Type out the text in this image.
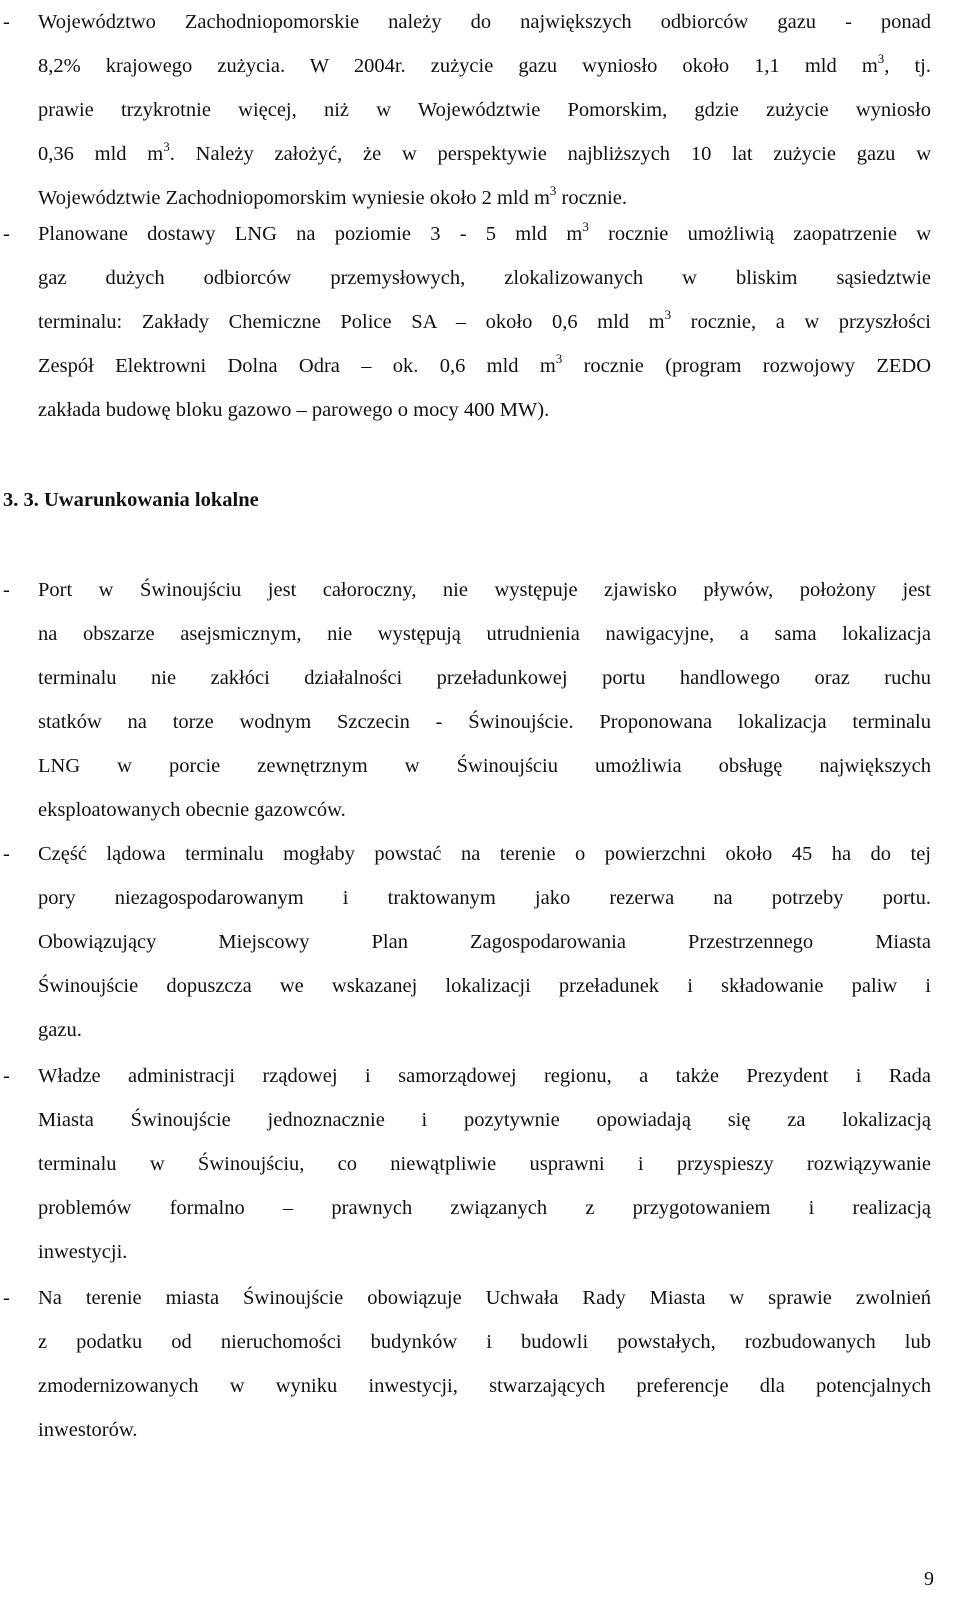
- Województwo Zachodniopomorskie należy do największych odbiorców gazu - ponad
8,2% krajowego zużycia. W 2004r. zużycie gazu wyniosło około 1,1 mld $m^3$, tj.
prawie trzykrotnie więcej, niż w Województwie Pomorskim, gdzie zużycie wyniosło
0,36 mld $m^3$. Należy założyć, że w perspektywie najbliższych 10 lat zużycie gazu w
Województwie Zachodniopomorskim wyniesie około 2 mld $m^3$ rocznie.
- Planowane dostawy LNG na poziomie 3 - 5 mld $m^3$ rocznie umożliwią zaopatrzenie w
gaz dużych odbiorców przemysłowych, zlokalizowanych w bliskim sąsiedztwie
terminalu: Zakłady Chemiczne Police SA – około 0,6 mld $m^3$ rocznie, a w przyszłości
Zespół Elektrowni Dolna Odra – ok. 0,6 mld $m^3$ rocznie (program rozwojowy ZEDO
zakłada budowę bloku gazowo – parowego o mocy 400 MW).
3. 3. Uwarunkowania lokalne
- Port w Świnoujściu jest całoroczny, nie występuje zjawisko pływów, położony jest
na obszarze asejsmicznym, nie występują utrudnienia nawigacyjne, a sama lokalizacja
terminalu nie zakłóci działalności przeładunkowej portu handlowego oraz ruchu
statków na torze wodnym Szczecin - Świnoujście. Proponowana lokalizacja terminalu
LNG w porcie zewnętrznym w Świnoujściu umożliwia obsługę największych
eksploatowanych obecnie gazowców.
- Część lądowa terminalu mogłaby powstać na terenie o powierzchni około 45 ha do tej
pory niezagospodarowanym i traktowanym jako rezerwa na potrzeby portu.
Obowiązujący Miejscowy Plan Zagospodarowania Przestrzennego Miasta
Świnoujście dopuszcza we wskazanej lokalizacji przeładunek i składowanie paliw i
gazu.
- Władze administracji rządowej i samorządowej regionu, a także Prezydent i Rada
Miasta Świnoujście jednoznacznie i pozytywnie opowiadają się za lokalizacją
terminalu w Świnoujściu, co niewątpliwie usprawni i przyspieszy rozwiązywanie
problemów formalno – prawnych związanych z przygotowaniem i realizacją
inwestycji.
- Na terenie miasta Świnoujście obowiązuje Uchwała Rady Miasta w sprawie zwolnień
z podatku od nieruchomości budynków i budowli powstałych, rozbudowanych lub
zmodernizowanych w wyniku inwestycji, stwarzających preferencje dla potencjalnych
inwestorów.
9
